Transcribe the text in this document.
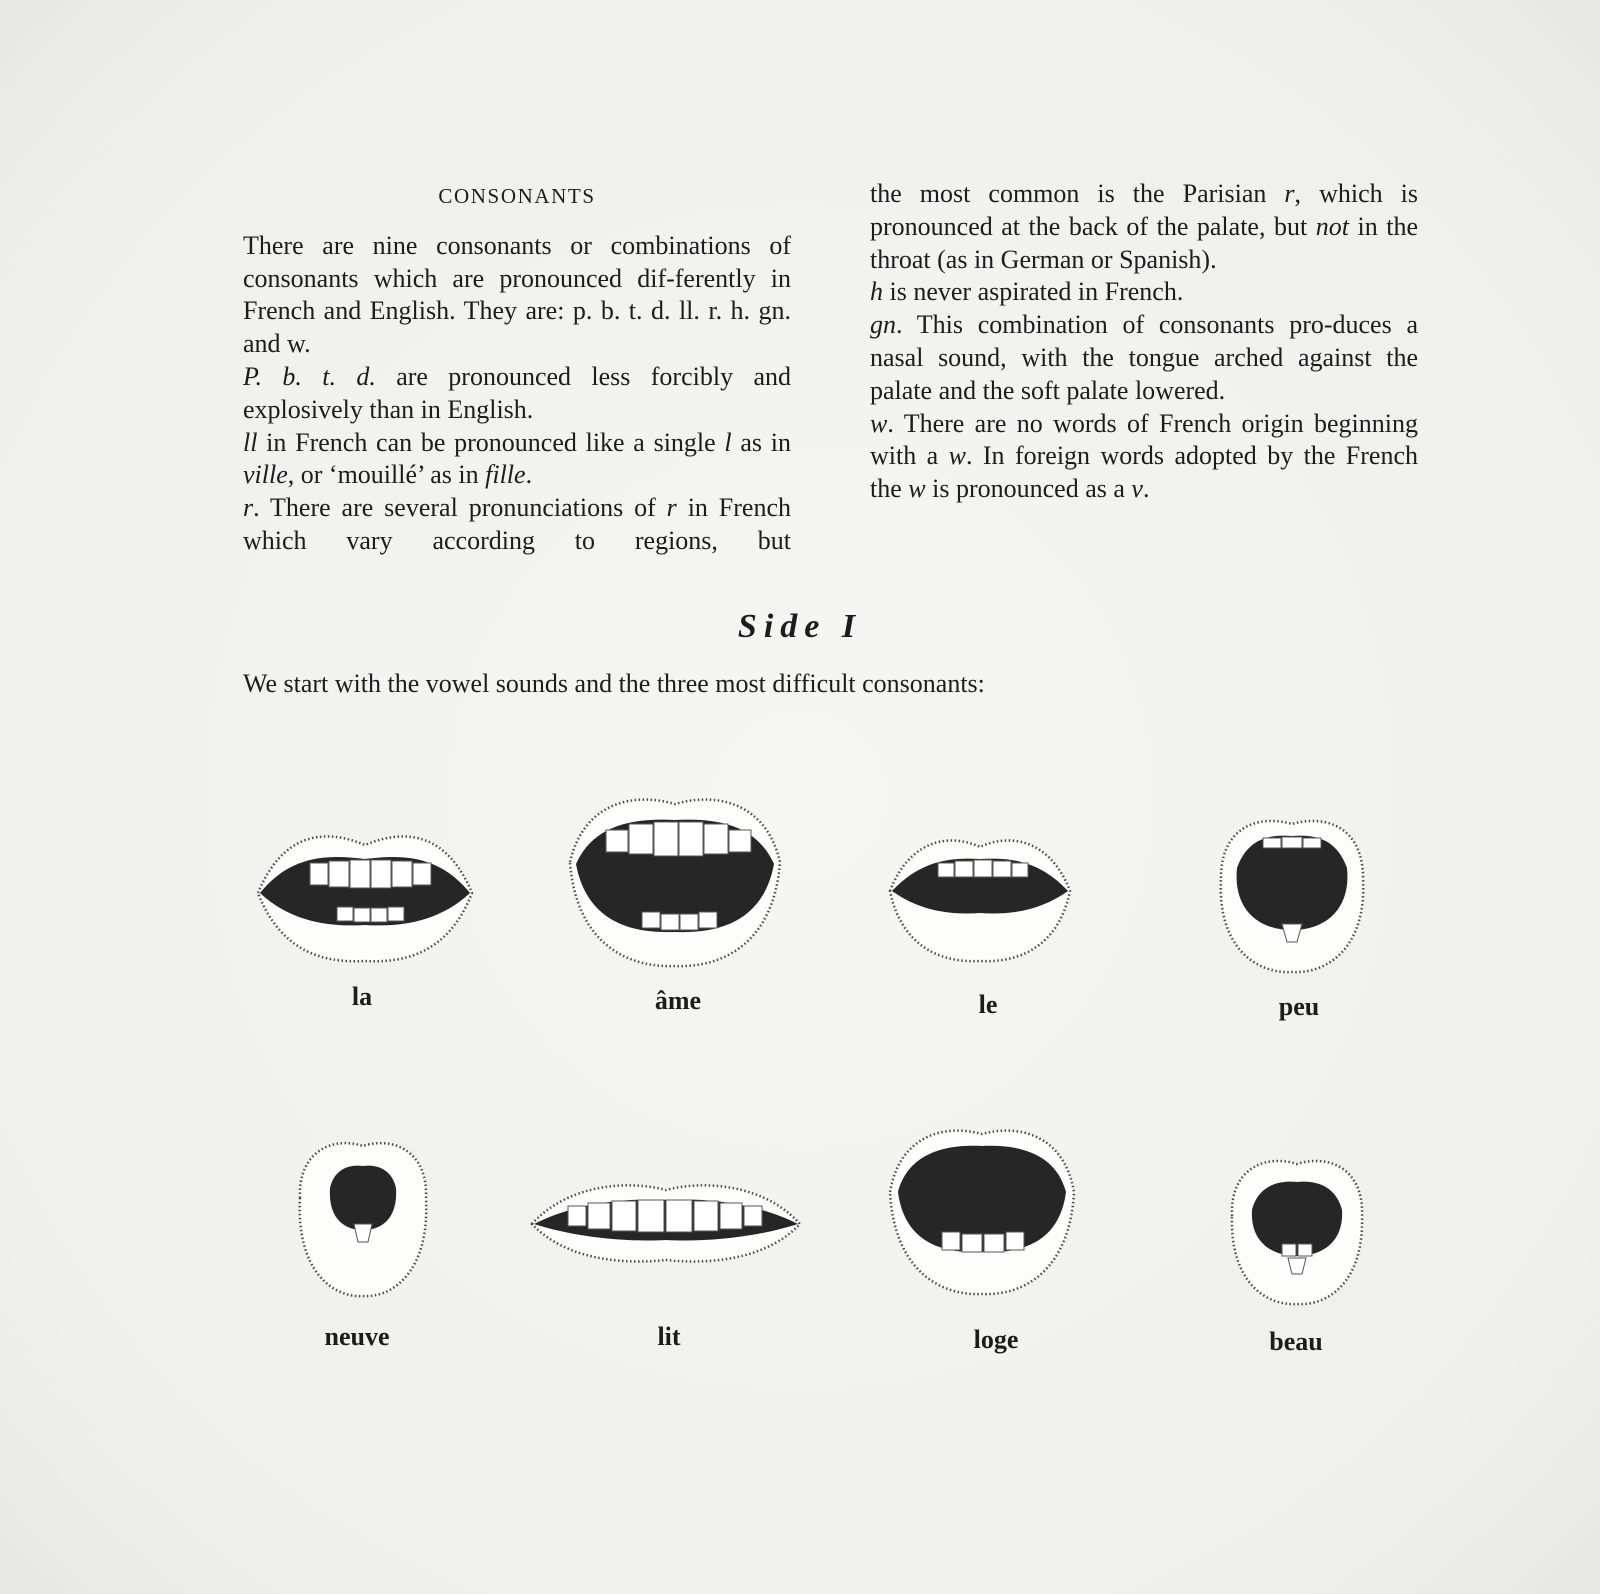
CONSONANTS

There are nine consonants or combinations of consonants which are pronounced dif-ferently in French and English. They are: p. b. t. d. ll. r. h. gn. and w.

P. b. t. d. are pronounced less forcibly and explosively than in English.

ll in French can be pronounced like a single l as in ville, or ‘mouillé’ as in fille.

r. There are several pronunciations of r in French which vary according to regions, but

the most common is the Parisian r, which is pronounced at the back of the palate, but not in the throat (as in German or Spanish).

h is never aspirated in French.

gn. This combination of consonants pro-duces a nasal sound, with the tongue arched against the palate and the soft palate lowered.

w. There are no words of French origin beginning with a w. In foreign words adopted by the French the w is pronounced as a v.

Side I
We start with the vowel sounds and the three most difficult consonants:
la	âme	le	peu
neuve	lit	loge	beau
